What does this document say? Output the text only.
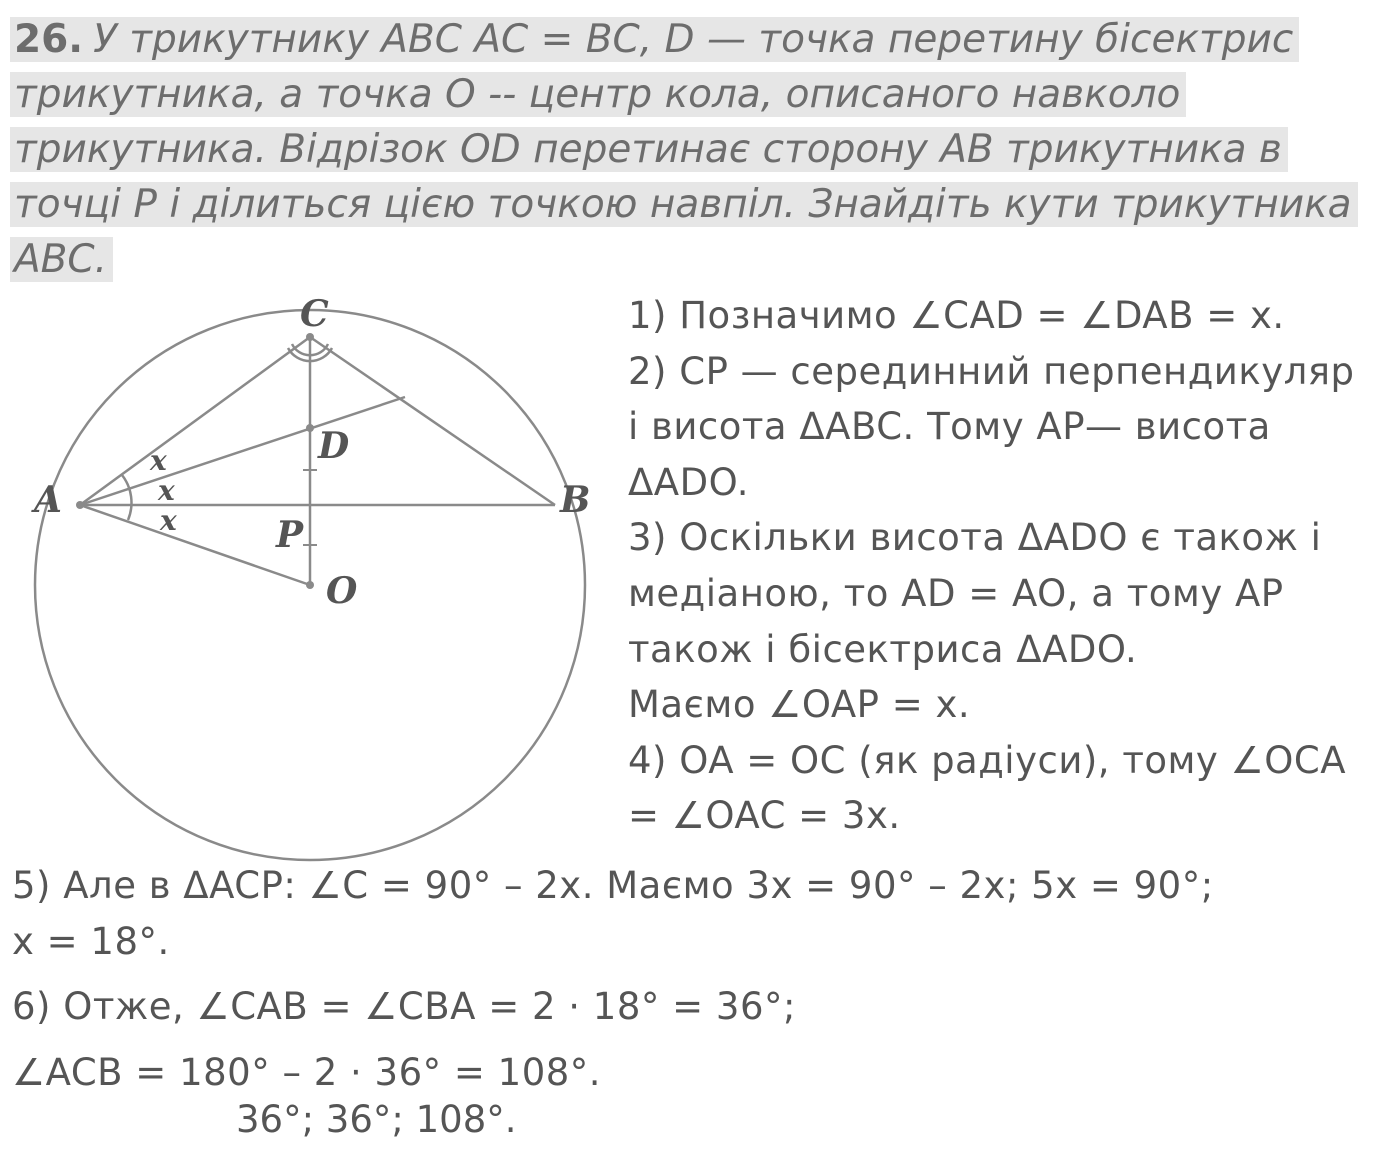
26. У трикутнику ABC AC = BC, D — точка перетину бісектрис
трикутника, а точка O -- центр кола, описаного навколо
трикутника. Відрізок OD перетинає сторону AB трикутника в
точці P і ділиться цією точкою навпіл. Знайдіть кути трикутника
ABC.
C
A	B
D
P
O
x
x
x
1) Позначимо ∠CAD = ∠DAB = x.
2) CP — серединний перпендикуляр
і висота ΔABC. Тому AP— висота
ΔADO.
3) Оскільки висота ΔADO є також і
медіаною, то AD = AO, а тому AP
також і бісектриса ΔADO.
Маємо ∠OAP = x.
4) OA = OC (як радіуси), тому ∠OCA
= ∠OAC = 3x.
5) Але в ΔACP: ∠C = 90° – 2x. Маємо 3x = 90° – 2x; 5x = 90°;
x = 18°.
6) Отже, ∠CAB = ∠CBA = 2 · 18° = 36°;
∠ACB = 180° – 2 · 36° = 108°.
36°; 36°; 108°.
